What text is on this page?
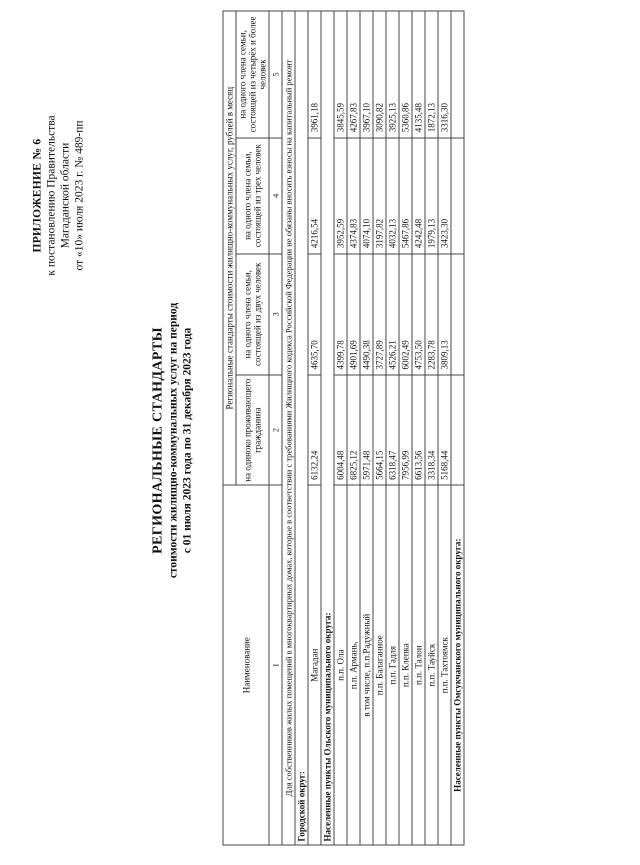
ПРИЛОЖЕНИЕ № 6 к постановлению Правительства Магаданской области от «10» июля 2023 г. № 489-пп
РЕГИОНАЛЬНЫЕ СТАНДАРТЫ стоимости жилищно-коммунальных услуг на период с 01 июля 2023 года по 31 декабря 2023 года
Наименование	Региональные стандарты стоимости жилищно-коммунальных услуг, рублей в месяц			
	на одиноко проживающего гражданина	на одного члена семьи, состоящей из двух человек	на одного члена семьи, состоящей из трех человек	на одного члена семьи, состоящей из четырёх и более человек
1	2	3	4	5
Для собственников жилых помещений в многоквартирных домах, которые в соответствии с требованиями Жилищного кодекса Российской Федерации не обязаны вносить взносы на капитальный ремонт				
Городской округ:				
Магадан	6132,24	4635,70	4216,54	3961,18
Населенные пункты Ольского муниципального округа:				
п.п. Ола	6004,48	4399,78	3952,59	3845,59
п.п. Армань,	6825,12	4901,69	4374,83	4267,83
в том числе, п.п.Радужный	5971,48	4490,38	4074,10	3967,10
п.п. Балаганное	5664,15	3727,89	3197,82	3090,82
п.п. Гадля	6318,47	4526,21	4032,13	3925,13
п.п. Клепка	7956,99	6002,49	5467,86	5360,86
п.п. Талон	6613,56	4753,50	4242,48	4135,48
п.п. Тауйск	3318,34	2283,78	1979,13	1872,13
п.п. Тахтоямск	5168,44	3809,13	3423,30	3316,30
Населенные пункты Омсукчанского муниципального округа:				
